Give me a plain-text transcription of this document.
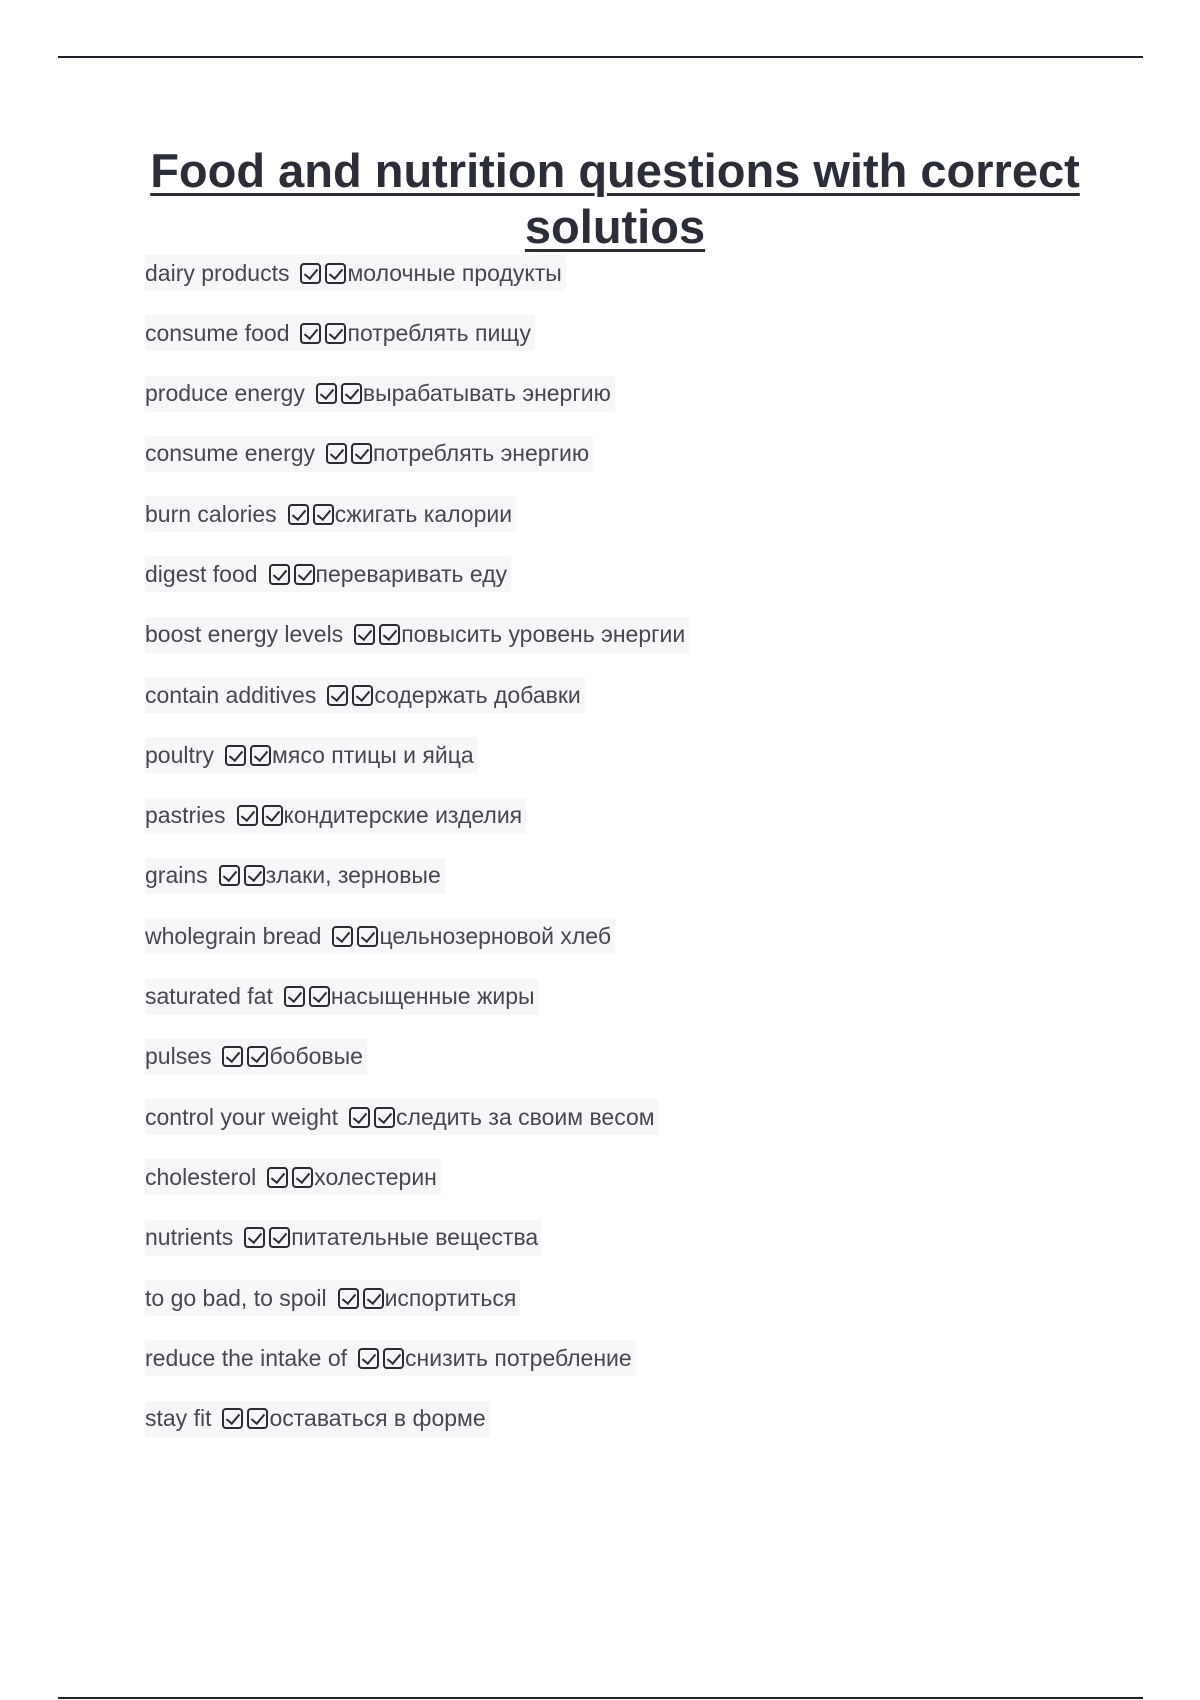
Food and nutrition questions with correct solutios
dairy products	молочные продукты
consume food	потреблять пищу
produce energy	вырабатывать энергию
consume energy	потреблять энергию
burn calories	сжигать калории
digest food	переваривать еду
boost energy levels	повысить уровень энергии
contain additives	содержать добавки
poultry	мясо птицы и яйца
pastries	кондитерские изделия
grains	злаки, зерновые
wholegrain bread	цельнозерновой хлеб
saturated fat	насыщенные жиры
pulses	бобовые
control your weight	следить за своим весом
cholesterol	холестерин
nutrients	питательные вещества
to go bad, to spoil	испортиться
reduce the intake of	снизить потребление
stay fit	оставаться в форме
